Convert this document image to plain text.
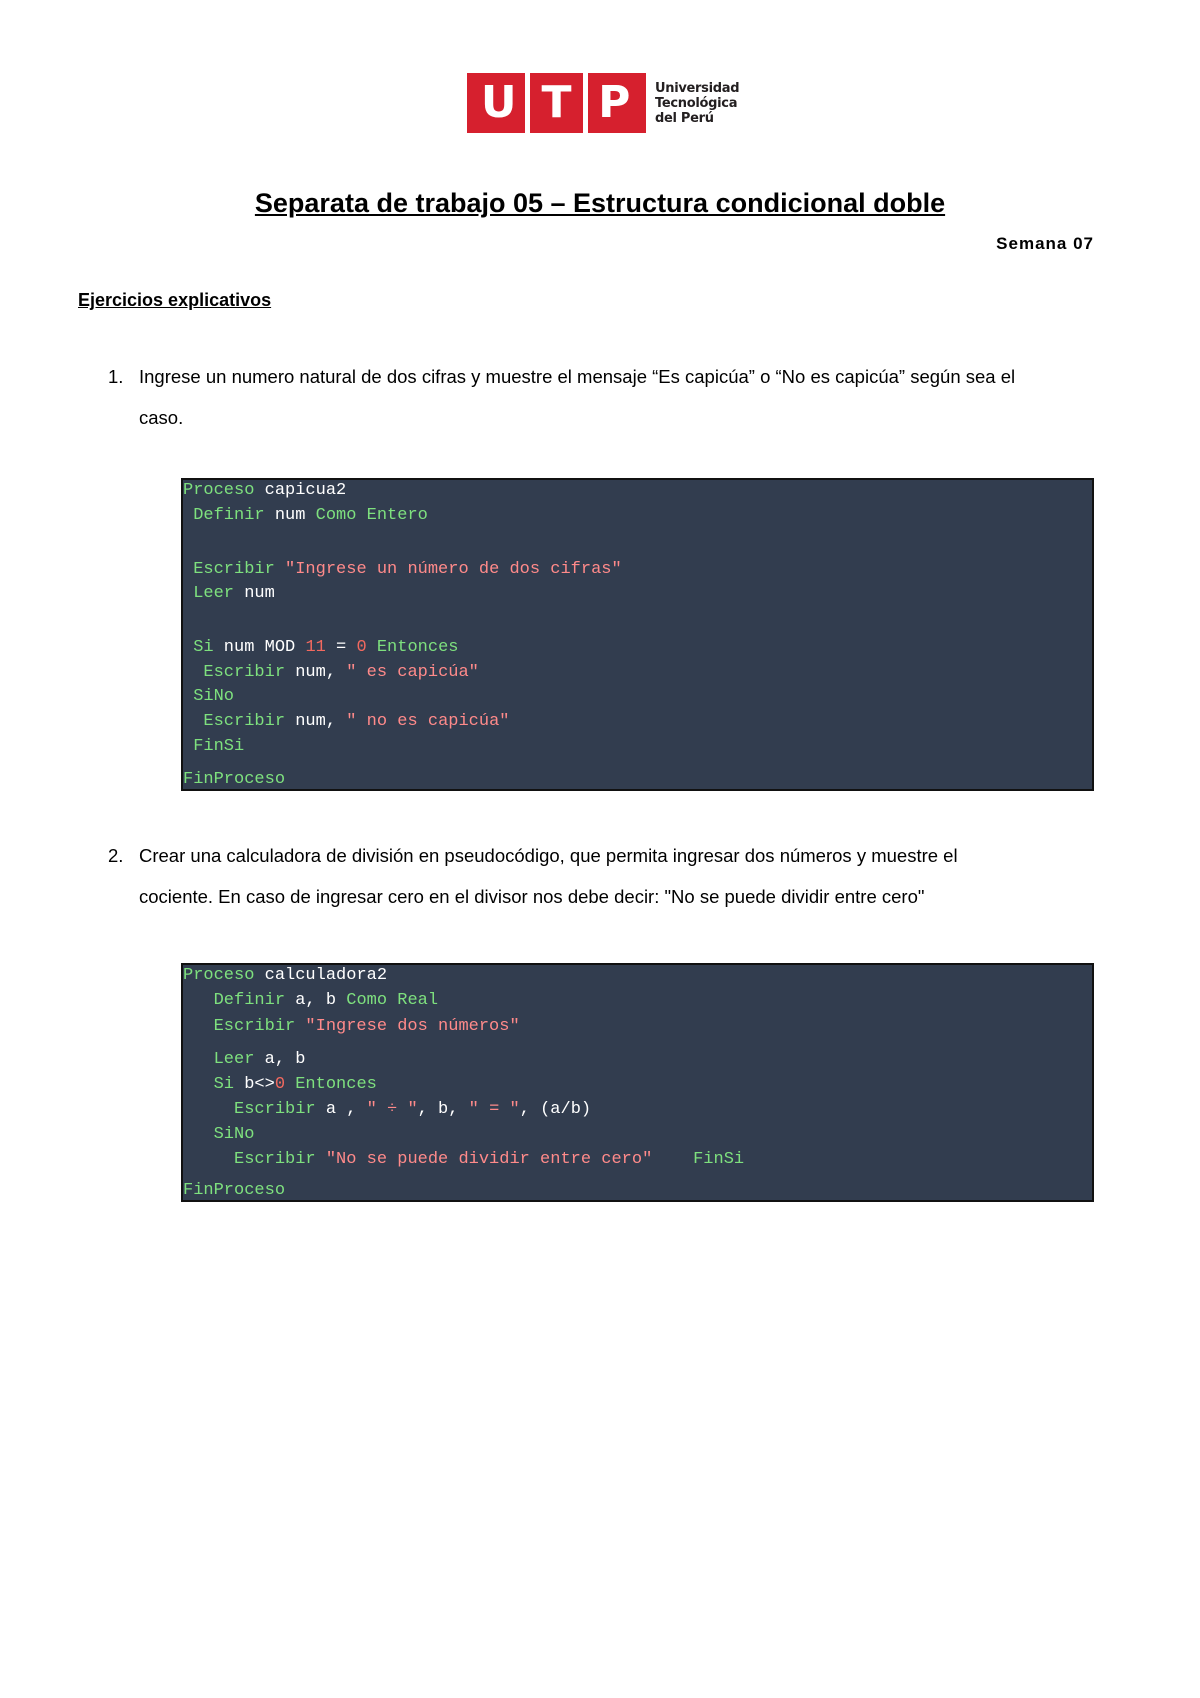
U T P	Universidad
Tecnológica
del Perú
Separata de trabajo 05 – Estructura condicional doble
Semana 07
Ejercicios explicativos
1. Ingrese un numero natural de dos cifras y muestre el mensaje “Es capicúa” o “No es capicúa” según sea el
caso.
Proceso capicua2
Definir num Como Entero
Escribir "Ingrese un número de dos cifras"
Leer num
Si num MOD 11 = 0 Entonces
Escribir num, " es capicúa"
SiNo
Escribir num, " no es capicúa"
FinSi
FinProceso
2. Crear una calculadora de división en pseudocódigo, que permita ingresar dos números y muestre el
cociente. En caso de ingresar cero en el divisor nos debe decir: "No se puede dividir entre cero"
Proceso calculadora2
Definir a, b Como Real
Escribir "Ingrese dos números"
Leer a, b
Si b<>0 Entonces
Escribir a , " ÷ ", b, " = ", (a/b)
SiNo
Escribir "No se puede dividir entre cero"    FinSi
FinProceso
